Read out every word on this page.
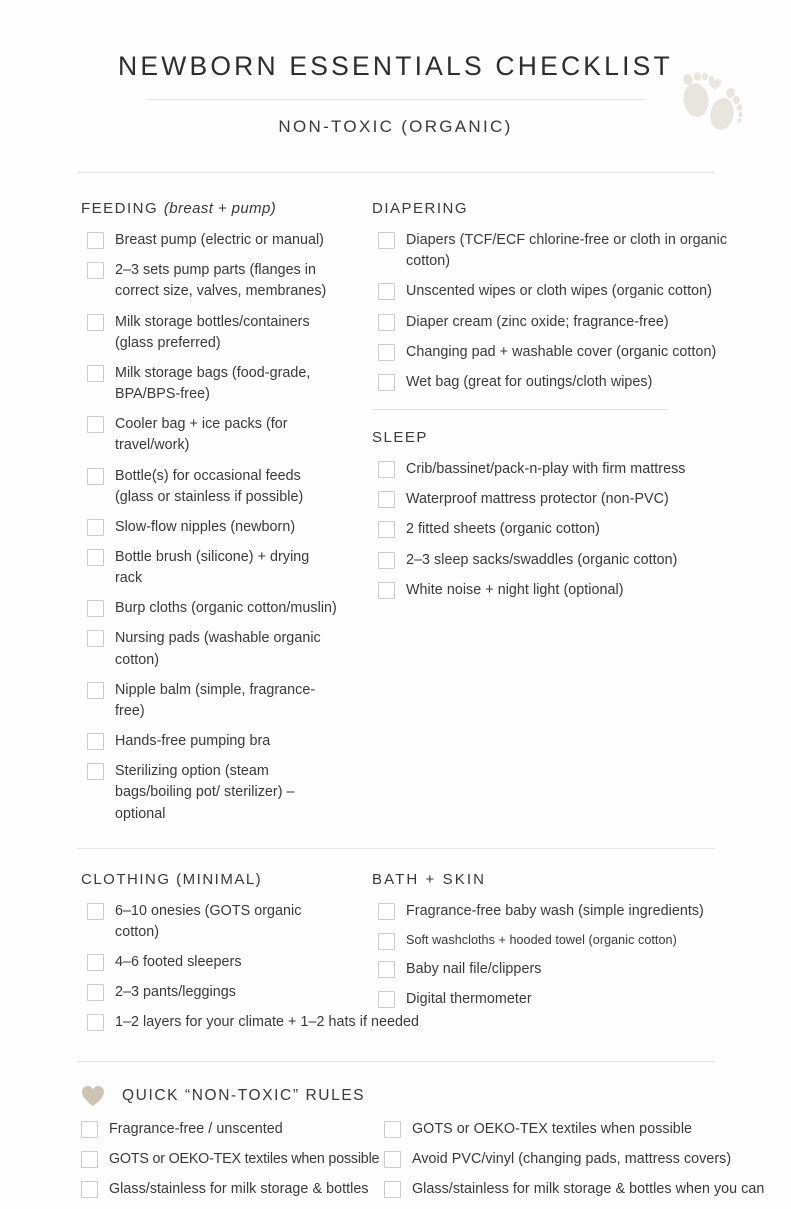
NEWBORN ESSENTIALS CHECKLIST
NON-TOXIC (ORGANIC)
FEEDING (breast + pump)
Breast pump (electric or manual)
2–3 sets pump parts (flanges in correct size, valves, membranes)
Milk storage bottles/containers (glass preferred)
Milk storage bags (food-grade, BPA/BPS-free)
Cooler bag + ice packs (for travel/work)
Bottle(s) for occasional feeds (glass or stainless if possible)
Slow-flow nipples (newborn)
Bottle brush (silicone) + drying rack
Burp cloths (organic cotton/muslin)
Nursing pads (washable organic cotton)
Nipple balm (simple, fragrance-free)
Hands-free pumping bra
Sterilizing option (steam bags/boiling pot/ sterilizer) – optional
DIAPERING
Diapers (TCF/ECF chlorine-free or cloth in organic cotton)
Unscented wipes or cloth wipes (organic cotton)
Diaper cream (zinc oxide; fragrance-free)
Changing pad + washable cover (organic cotton)
Wet bag (great for outings/cloth wipes)
SLEEP
Crib/bassinet/pack-n-play with firm mattress
Waterproof mattress protector (non-PVC)
2 fitted sheets (organic cotton)
2–3 sleep sacks/swaddles (organic cotton)
White noise + night light (optional)
CLOTHING (MINIMAL)
6–10 onesies (GOTS organic cotton)
4–6 footed sleepers
2–3 pants/leggings
1–2 layers for your climate + 1–2 hats if needed
BATH + SKIN
Fragrance-free baby wash (simple ingredients)
Soft washcloths + hooded towel (organic cotton)
Baby nail file/clippers
Digital thermometer
QUICK “NON-TOXIC” RULES
Fragrance-free / unscented
GOTS or OEKO-TEX textiles when possible
Glass/stainless for milk storage & bottles
GOTS or OEKO-TEX textiles when possible
Avoid PVC/vinyl (changing pads, mattress covers)
Glass/stainless for milk storage & bottles when you can
